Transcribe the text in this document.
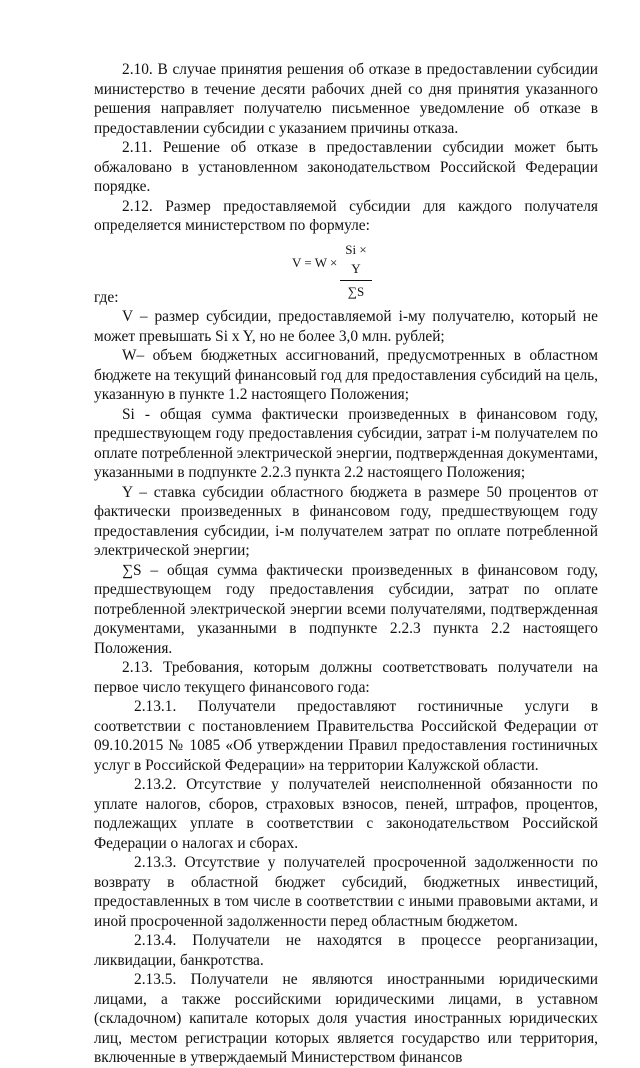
2.10. В случае принятия решения об отказе в предоставлении субсидии министерство в течение десяти рабочих дней со дня принятия указанного решения направляет получателю письменное уведомление об отказе в предоставлении субсидии с указанием причины отказа.

2.11. Решение об отказе в предоставлении субсидии может быть обжаловано в установленном законодательством Российской Федерации порядке.

2.12. Размер предоставляемой субсидии для каждого получателя определяется министерством по формуле:

$V = W \times \frac{Si \times Y}{\sum S}$

где:

V – размер субсидии, предоставляемой i-му получателю, который не может превышать Si x Y, но не более 3,0 млн. рублей;

W– объем бюджетных ассигнований, предусмотренных в областном бюджете на текущий финансовый год для предоставления субсидий на цель, указанную в пункте 1.2 настоящего Положения;

Si - общая сумма фактически произведенных в финансовом году, предшествующем году предоставления субсидии, затрат i-м получателем по оплате потребленной электрической энергии, подтвержденная документами, указанными в подпункте 2.2.3 пункта 2.2 настоящего Положения;

Y – ставка субсидии областного бюджета в размере 50 процентов от фактически произведенных в финансовом году, предшествующем году предоставления субсидии, i-м получателем затрат по оплате потребленной электрической энергии;

∑S – общая сумма фактически произведенных в финансовом году, предшествующем году предоставления субсидии, затрат по оплате потребленной электрической энергии всеми получателями, подтвержденная документами, указанными в подпункте 2.2.3 пункта 2.2 настоящего Положения.

2.13. Требования, которым должны соответствовать получатели на первое число текущего финансового года:

2.13.1. Получатели предоставляют гостиничные услуги в соответствии с постановлением Правительства Российской Федерации от 09.10.2015 № 1085 «Об утверждении Правил предоставления гостиничных услуг в Российской Федерации» на территории Калужской области.

2.13.2. Отсутствие у получателей неисполненной обязанности по уплате налогов, сборов, страховых взносов, пеней, штрафов, процентов, подлежащих уплате в соответствии с законодательством Российской Федерации о налогах и сборах.

2.13.3. Отсутствие у получателей просроченной задолженности по возврату в областной бюджет субсидий, бюджетных инвестиций, предоставленных в том числе в соответствии с иными правовыми актами, и иной просроченной задолженности перед областным бюджетом.

2.13.4. Получатели не находятся в процессе реорганизации, ликвидации, банкротства.

2.13.5. Получатели не являются иностранными юридическими лицами, а также российскими юридическими лицами, в уставном (складочном) капитале которых доля участия иностранных юридических лиц, местом регистрации которых является государство или территория, включенные в утверждаемый Министерством финансов
